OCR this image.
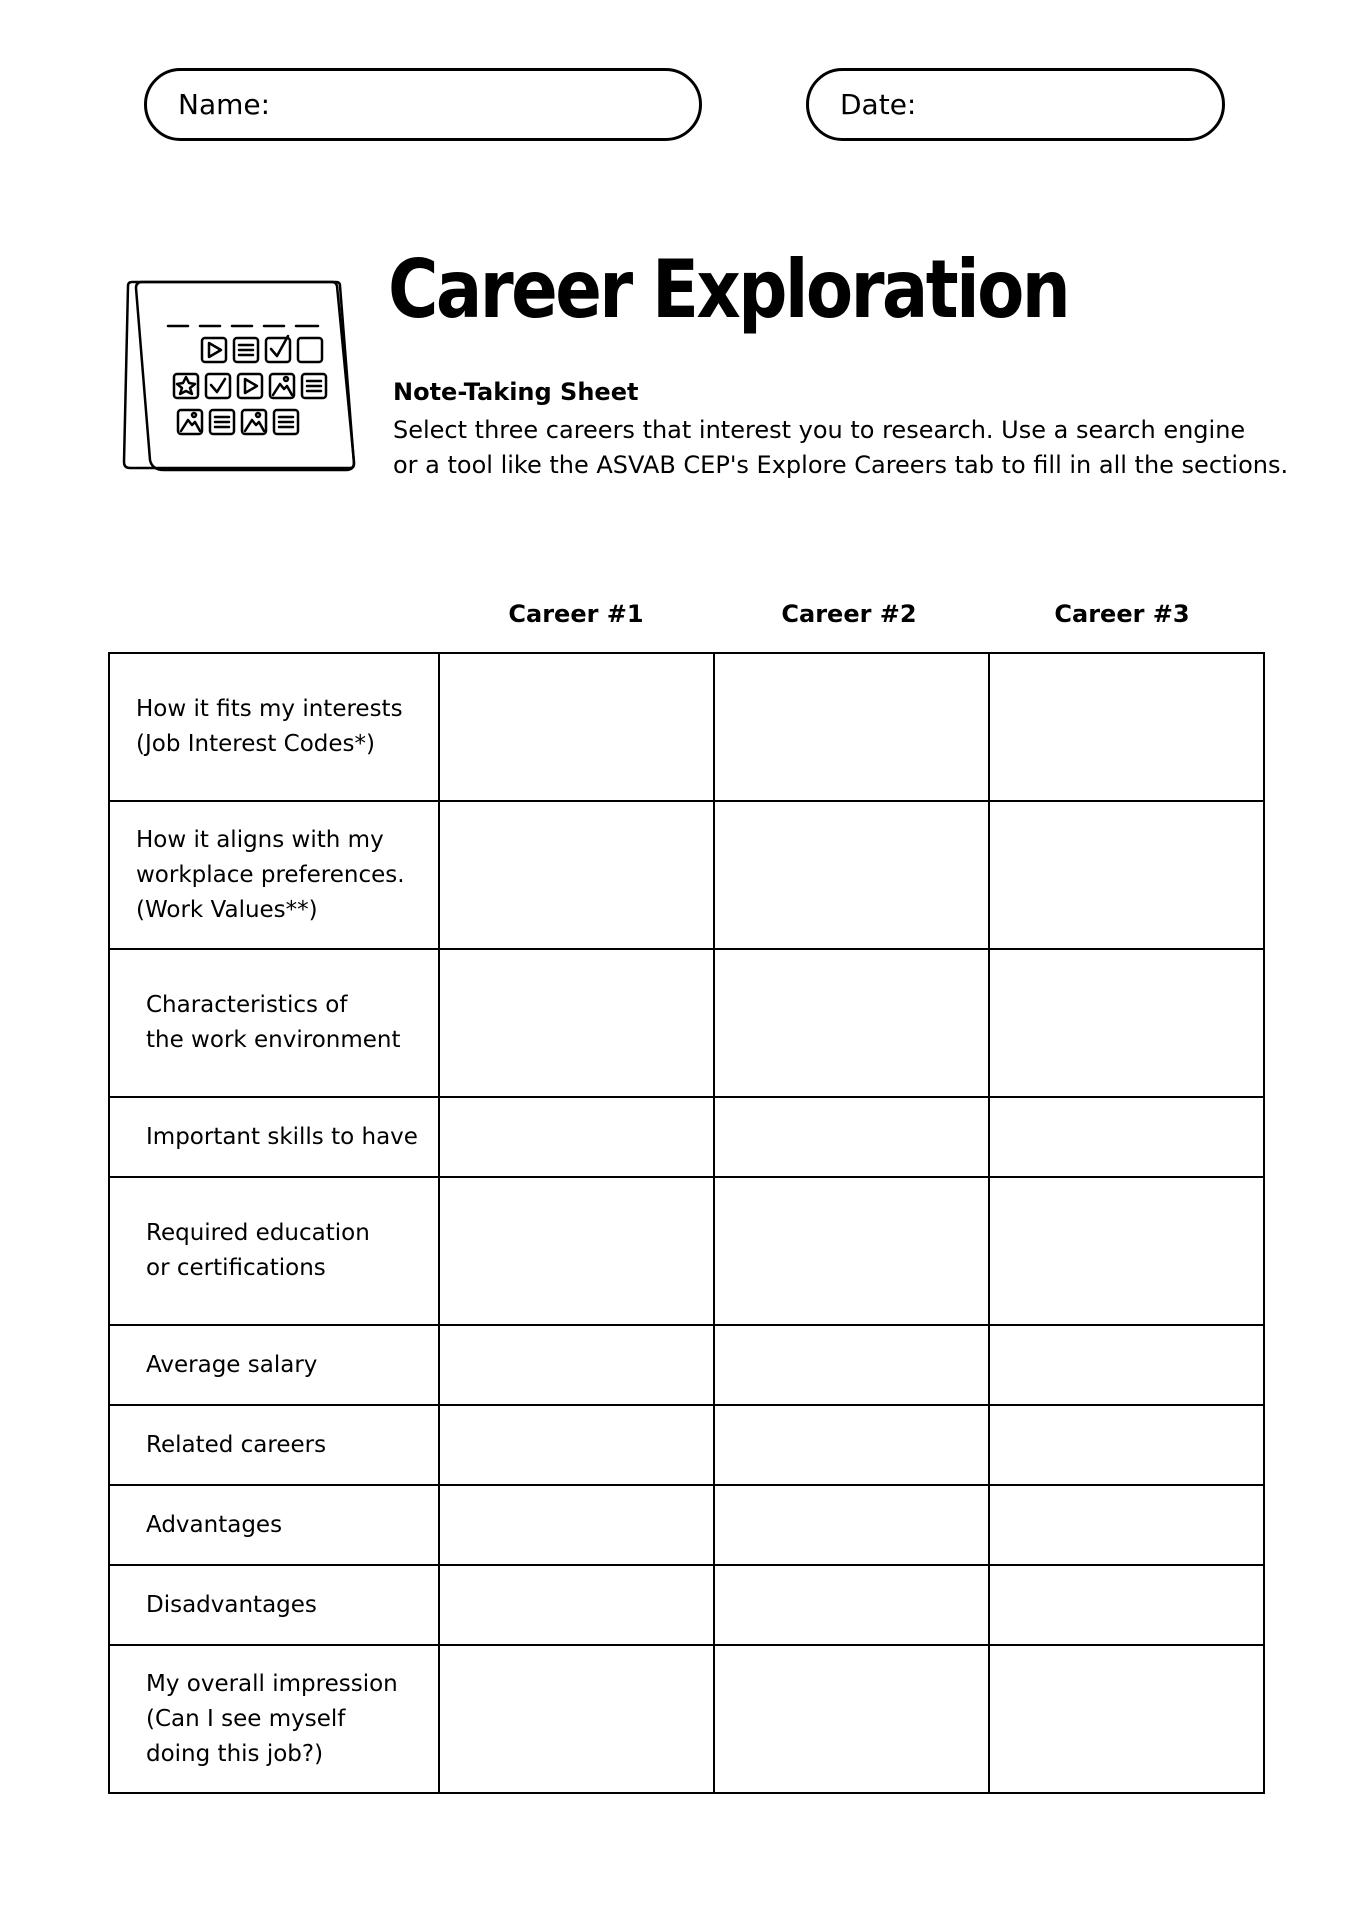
Name:	Date:
Career Exploration

Note-Taking Sheet

Select three careers that interest you to research. Use a search engine
or a tool like the ASVAB CEP's Explore Careers tab to fill in all the sections.

Career #1	Career #2	Career #3
How it fits my interests
(Job Interest Codes*)			

How it aligns with my
workplace preferences.
(Work Values**)			

Characteristics of
the work environment			

Important skills to have			

Required education
or certifications			

Average salary			

Related careers			

Advantages			

Disadvantages			

My overall impression
(Can I see myself
doing this job?)			
